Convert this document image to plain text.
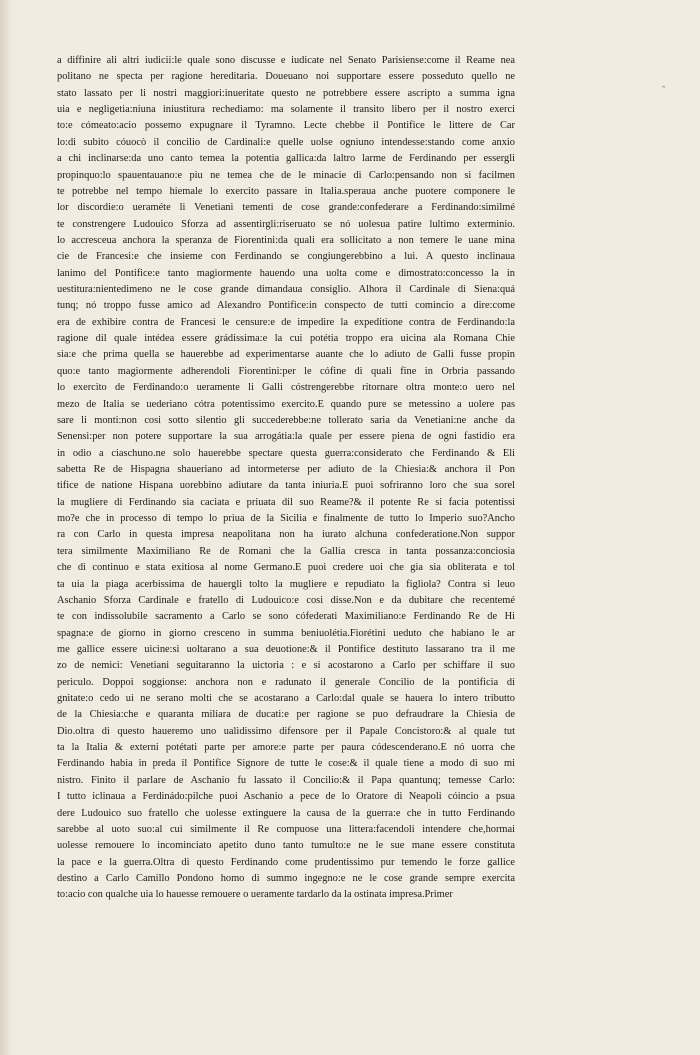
‸
a diffinire ali altri iudicii:le quale sono discusse e iudicate nel Senato Parisiense:come il Reame nea
politano ne specta per ragione hereditaria. Doueuano noi supportare essere posseduto quello ne
stato lassato per li nostri maggiori:inueritate questo ne potrebbere essere ascripto a summa igna
uia e negligetia:niuna iniustitura rechediamo: ma solamente il transito libero per il nostro exerci
to:e cómeato:acio possemo expugnare il Tyramno. Lecte chebbe il Pontifice le littere de Car
lo:di subito cóuocò il concilio de Cardinali:e quelle uolse ogniuno intendesse:stando come anxio
a chi inclinarse:da uno canto temea la potentia gallica:da laltro larme de Ferdinando per essergli
propinquo:lo spauentauano:e piu ne temea che de le minacie di Carlo:pensando non si facilmen
te potrebbe nel tempo hiemale lo exercito passare in Italia.sperauа anche puotere componere le
lor discordie:o ueraméte li Venetiani tementi de cose grande:confederare a Ferdinando:similmé
te constrengere Ludouico Sforza ad assentirgli:riseruato se nó uolesua patire lultimo exterminio.
lo accresceua anchora la speranza de Fiorentini:da quali era sollicitato a non temere le uane mina
cie de Francesi:e che insieme con Ferdinando se congiungerebbino a lui. A questo inclinaua
lanimo del Pontifice:e tanto magiormente hauendo una uolta come e dimostrato:concesso la in
uestitura:nientedimeno ne le cose grande dimandaua consiglio. Alhora il Cardinale di Siena:quá
tunq; nó troppo fusse amico ad Alexandro Pontifice:in conspecto de tutti comincio a dire:come
era de exhibire contra de Francesi le censure:e de impedire la expeditione contra de Ferdinando:la
ragione dil quale intédea essere grádissima:e la cui potétia troppo era uicina ala Romana Chie
sia:e che prima quella se hauerebbe ad experimentarse auante che lo adiuto de Galli fusse propin
quo:e tanto magiormente adherendoli Fiorentini:per le cófine di quali fine in Orbria passando
lo exercito de Ferdinando:o ueramente li Galli cóstrengerebbe ritornare oltra monte:o uero nel
mezo de Italia se uederiano cótra potentissimo exercito.E quando pure se metessino a uolere pas
sare li monti:non cosi sotto silentio gli succederebbe:ne tollerato saria da Venetiani:ne anche da
Senensi:per non potere supportare la sua arrogátia:la quale per essere piena de ogni fastidio era
in odio a ciaschuno.ne solo hauerebbe spectare questa guerra:considerato che Ferdinando & Eli
sabetta Re de Hispagna shaueriano ad intormeterse per adiuto de la Chiesia:& anchora il Pon
tifice de natione Hispana uorebbino adiutare da tanta iniuria.E puoi sofriranno loro che sua sorel
la mugliere di Ferdinando sia caciata e priuata dil suo Reame?& il potente Re si facia potentissi
mo?e che in processo di tempo lo priua de la Sicilia e finalmente de tutto lo Imperio suo?Ancho
ra con Carlo in questa impresa neapolitana non ha iurato alchuna confederatione.Non suppor
tera similmente Maximiliano Re de Romani che la Gallia cresca in tanta possanza:conciosia
che di continuo e stata exitiosa al nome Germano.E puoi credere uoi che gia sia obliterata e tol
ta uia la piaga acerbissima de hauergli tolto la mugliere e repudiato la figliola? Contra si leuo
Aschanio Sforza Cardinale e fratello di Ludouico:e cosi disse.Non e da dubitare che recentemé
te con indissolubile sacramento a Carlo se sono cófederati Maximiliano:e Ferdinando Re de Hi
spagna:e de giorno in giorno cresceno in summa beniuolétia.Fiorétini ueduto che habiano le ar
me gallice essere uicine:si uoltarano a sua deuotione:& il Pontifice destituto lassarano tra il me
zo de nemici: Venetiani seguitaranno la uictoria : e si acostarono a Carlo per schiffare il suo
periculo. Doppoi soggionse: anchora non e radunato il generale Concilio de la pontificia di
gnitate:o cedo ui ne serano molti che se acostarano a Carlo:dal quale se hauera lo intero tributto
de la Chiesia:che e quaranta miliara de ducati:e per ragione se puo defraudrare la Chiesia de
Dio.oltra di questo haueremo uno ualidissimo difensore per il Papale Concistoro:& al quale tut
ta la Italia & externi potétati parte per amore:e parte per paura códescenderano.E nó uorra che
Ferdinando habia in preda il Pontifice Signore de tutte le cose:& il quale tiene a modo di suo mi
nistro. Finito il parlare de Aschanio fu lassato il Concilio:& il Papa quantunq; temesse Carlo:
I tutto iclinaua a Ferdinádo:pilche puoi Aschanio a pece de lo Oratore di Neapoli cóincio a psua
dere Ludouico suo fratello che uolesse extinguere la causa de la guerra:e che in tutto Ferdinando
sarebbe al uoto suo:al cui similmente il Re compuose una littera:facendoli intendere che,hormai
uolesse remouere lo incominciato apetito duno tanto tumulto:e ne le sue mane essere constituta
la pace e la guerra.Oltra di questo Ferdinando come prudentissimo pur temendo le forze gallice
destino a Carlo Camillo Pondono homo di summo ingegno:e ne le cose grande sempre exercita
to:acio con qualche uia lo hauesse remouere o ueramente tardarlo da la ostinata impresa.Primer
